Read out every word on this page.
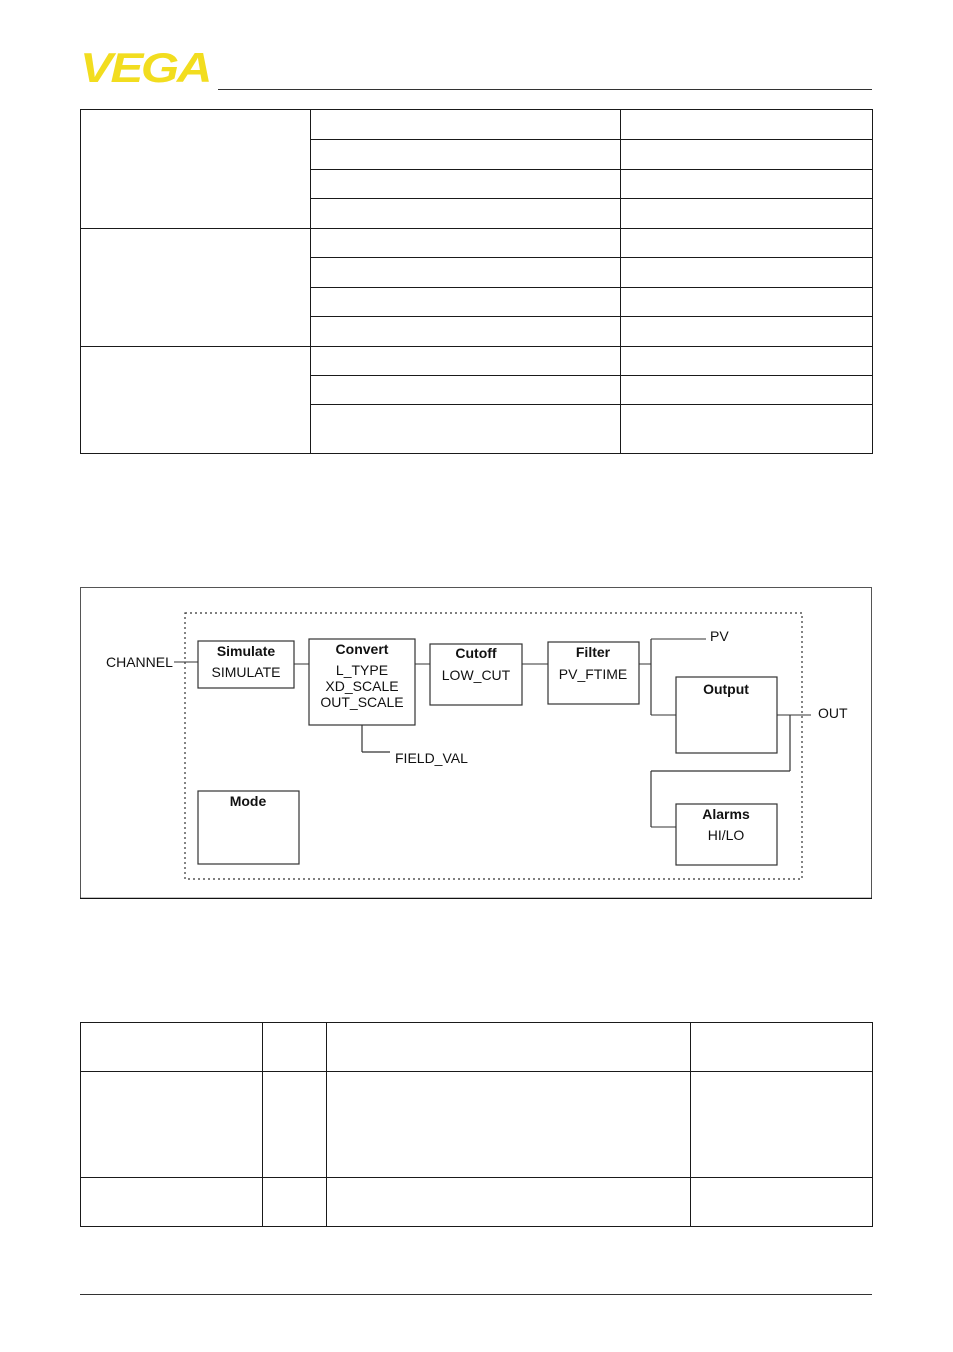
VEGA

CHANNEL
Simulate
SIMULATE
Convert
L_TYPE
XD_SCALE
OUT_SCALE
FIELD_VAL
Cutoff
LOW_CUT
Filter
PV_FTIME
PV
Output
OUT
Alarms
HI/LO
Mode
